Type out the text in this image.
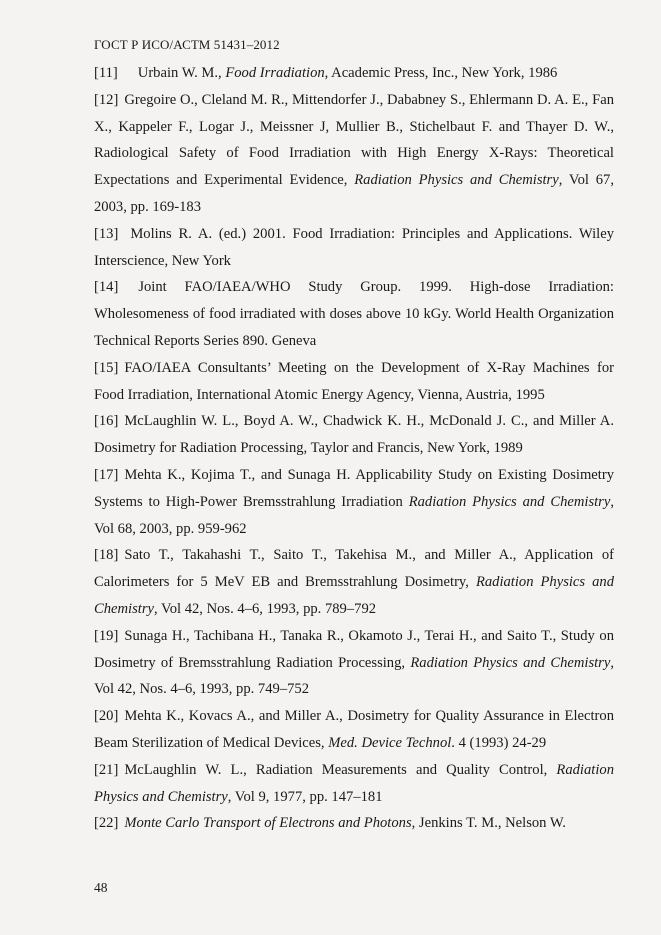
ГОСТ Р ИСО/АСТМ 51431–2012

[11] Urbain W. M., Food Irradiation, Academic Press, Inc., New York, 1986

[12] Gregoire O., Cleland M. R., Mittendorfer J., Dababney S., Ehlermann D. A. E., Fan X., Kappeler F., Logar J., Meissner J, Mullier B., Stichelbaut F. and Thayer D. W., Radiological Safety of Food Irradiation with High Energy X-Rays: Theoretical Expectations and Experimental Evidence, Radiation Physics and Chemistry, Vol 67, 2003, pp. 169-183

[13] Molins R. A. (ed.) 2001. Food Irradiation: Principles and Applications. Wiley Interscience, New York

[14] Joint FAO/IAEA/WHO Study Group. 1999. High-dose Irradiation: Wholesomeness of food irradiated with doses above 10 kGy. World Health Organization Technical Reports Series 890. Geneva

[15] FAO/IAEA Consultants’ Meeting on the Development of X-Ray Machines for Food Irradiation, International Atomic Energy Agency, Vienna, Austria, 1995

[16] McLaughlin W. L., Boyd A. W., Chadwick K. H., McDonald J. C., and Miller A. Dosimetry for Radiation Processing, Taylor and Francis, New York, 1989

[17] Mehta K., Kojima T., and Sunaga H. Applicability Study on Existing Dosimetry Systems to High-Power Bremsstrahlung Irradiation Radiation Physics and Chemistry, Vol 68, 2003, pp. 959-962

[18] Sato T., Takahashi T., Saito T., Takehisa M., and Miller A., Application of Calorimeters for 5 MeV EB and Bremsstrahlung Dosimetry, Radiation Physics and Chemistry, Vol 42, Nos. 4–6, 1993, pp. 789–792

[19] Sunaga H., Tachibana H., Tanaka R., Okamoto J., Terai H., and Saito T., Study on Dosimetry of Bremsstrahlung Radiation Processing, Radiation Physics and Chemistry, Vol 42, Nos. 4–6, 1993, pp. 749–752

[20] Mehta K., Kovacs A., and Miller A., Dosimetry for Quality Assurance in Electron Beam Sterilization of Medical Devices, Med. Device Technol. 4 (1993) 24-29

[21] McLaughlin W. L., Radiation Measurements and Quality Control, Radiation Physics and Chemistry, Vol 9, 1977, pp. 147–181

[22] Monte Carlo Transport of Electrons and Photons, Jenkins T. M., Nelson W.

48
